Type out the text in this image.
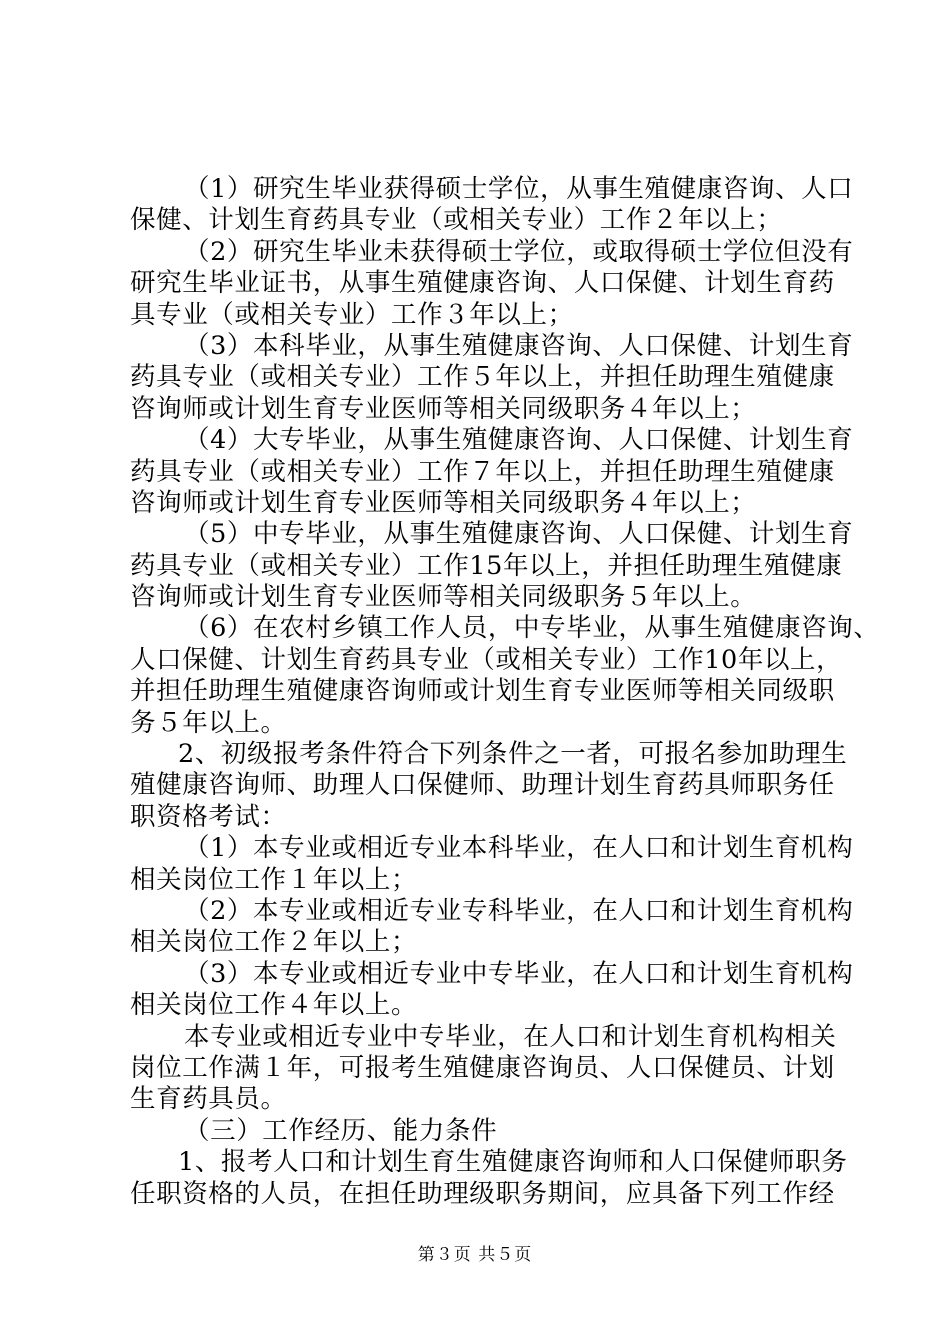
（1）研究生毕业获得硕士学位，从事生殖健康咨询、人口
保健、计划生育药具专业（或相关专业）工作２年以上；
（2）研究生毕业未获得硕士学位，或取得硕士学位但没有
研究生毕业证书，从事生殖健康咨询、人口保健、计划生育药
具专业（或相关专业）工作３年以上；
（3）本科毕业，从事生殖健康咨询、人口保健、计划生育
药具专业（或相关专业）工作５年以上，并担任助理生殖健康
咨询师或计划生育专业医师等相关同级职务４年以上；
（4）大专毕业，从事生殖健康咨询、人口保健、计划生育
药具专业（或相关专业）工作７年以上，并担任助理生殖健康
咨询师或计划生育专业医师等相关同级职务４年以上；
（5）中专毕业，从事生殖健康咨询、人口保健、计划生育
药具专业（或相关专业）工作15年以上，并担任助理生殖健康
咨询师或计划生育专业医师等相关同级职务５年以上。
（6）在农村乡镇工作人员，中专毕业，从事生殖健康咨询、
人口保健、计划生育药具专业（或相关专业）工作10年以上，
并担任助理生殖健康咨询师或计划生育专业医师等相关同级职
务５年以上。
2、初级报考条件符合下列条件之一者，可报名参加助理生
殖健康咨询师、助理人口保健师、助理计划生育药具师职务任
职资格考试：
（1）本专业或相近专业本科毕业，在人口和计划生育机构
相关岗位工作１年以上；
（2）本专业或相近专业专科毕业，在人口和计划生育机构
相关岗位工作２年以上；
（3）本专业或相近专业中专毕业，在人口和计划生育机构
相关岗位工作４年以上。
本专业或相近专业中专毕业，在人口和计划生育机构相关
岗位工作满１年，可报考生殖健康咨询员、人口保健员、计划
生育药具员。
（三）工作经历、能力条件
1、报考人口和计划生育生殖健康咨询师和人口保健师职务
任职资格的人员，在担任助理级职务期间，应具备下列工作经
第３页 共５页
